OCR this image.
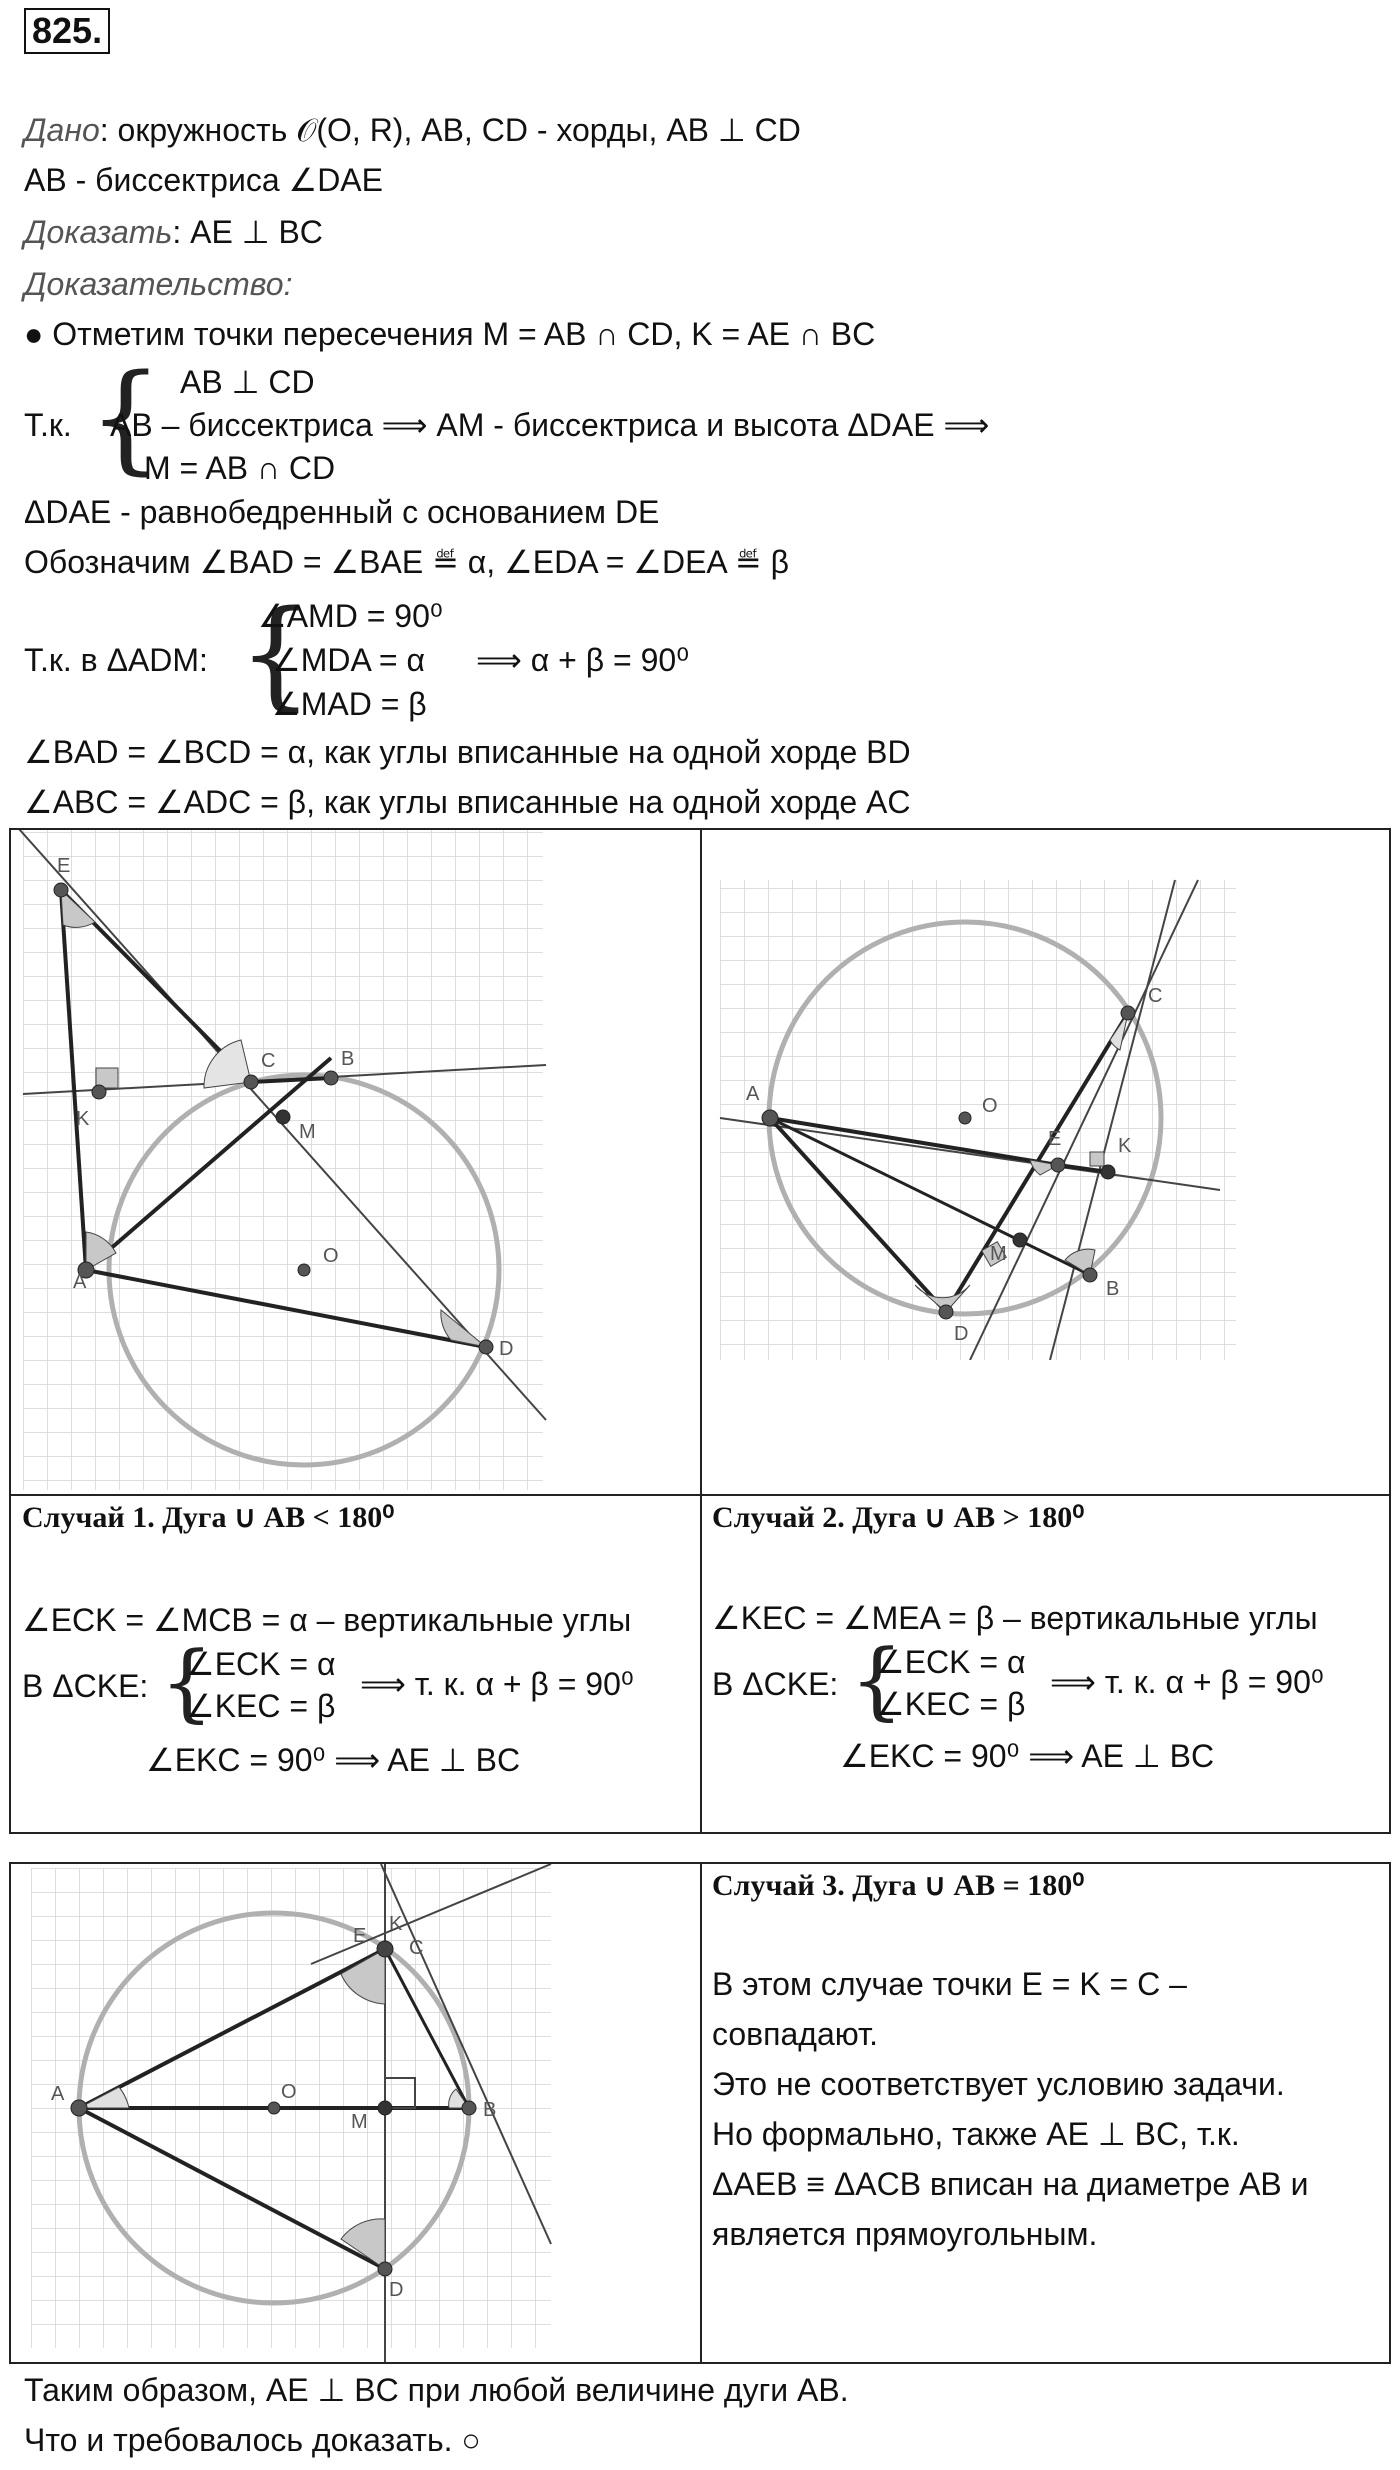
825.
Дано: окружность 𝒪(O, R), AB, CD - хорды, AB ⊥ CD
AB - биссектриса ∠DAE
Доказать: AE ⊥ BC
Доказательство:
● Отметим точки пересечения M = AB ∩ CD, K = AE ∩ BC
Т.к. { AB ⊥ CD
AB – биссектриса ⟹ AM - биссектриса и высота ΔDAE ⟹
M = AB ∩ CD
ΔDAE - равнобедренный с основанием DE
Обозначим ∠BAD = ∠BAE ≝ α, ∠EDA = ∠DEA ≝ β
Т.к. в ΔADM: {
∠AMD = 90⁰
∠MDA = α
∠MAD = β
⟹ α + β = 90⁰
∠BAD = ∠BCD = α, как углы вписанные на одной хорде BD
∠ABC = ∠ADC = β, как углы вписанные на одной хорде AC
E
C	B
K
M
A
O
D
C
A
O
E	K
M
B
D
Случай 1. Дуга ∪ AB < 180⁰
∠ECK = ∠MCB = α – вертикальные углы
В ΔCKE: {
∠ECK = α
∠KEC = β
⟹ т. к. α + β = 90⁰
∠EKC = 90⁰ ⟹ AE ⊥ BC
Случай 2. Дуга ∪ AB > 180⁰
∠KEC = ∠MEA = β – вертикальные углы
В ΔCKE: {
∠ECK = α
∠KEC = β
⟹ т. к. α + β = 90⁰
∠EKC = 90⁰ ⟹ AE ⊥ BC
E
K
C
A	O
M
B
D
Случай 3. Дуга ∪ AB = 180⁰
В этом случае точки E = K = C –
совпадают.
Это не соответствует условию задачи.
Но формально, также AE ⊥ BC, т.к.
ΔAEB ≡ ΔACB вписан на диаметре AB и
является прямоугольным.
Таким образом, AE ⊥ BC при любой величине дуги AB.
Что и требовалось доказать. ○
